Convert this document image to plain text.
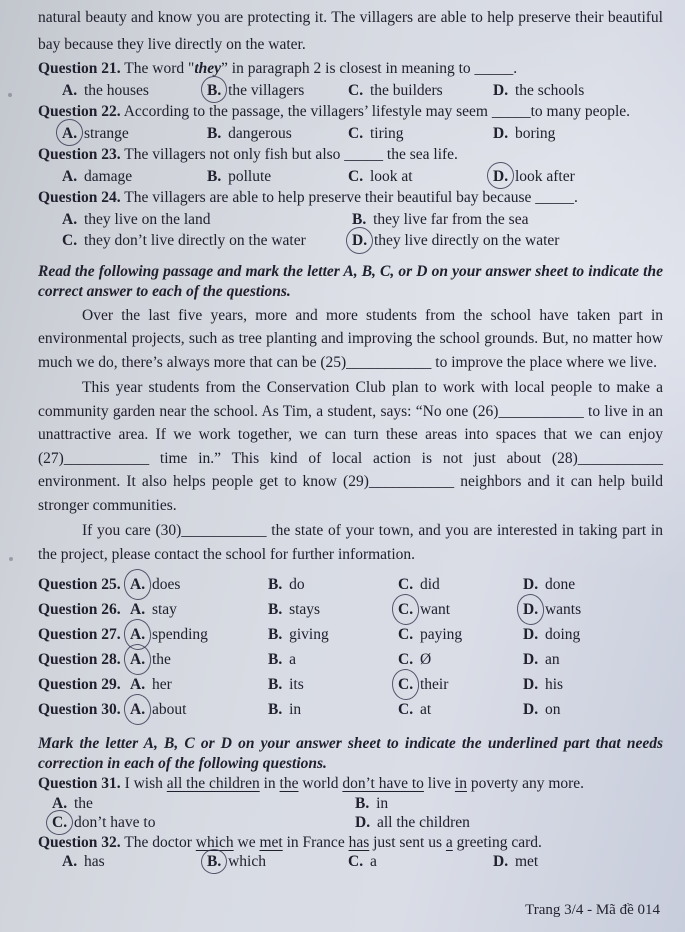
natural beauty and know you are protecting it. The villagers are able to help preserve their beautiful bay because they live directly on the water.

Question 21. The word "they” in paragraph 2 is closest in meaning to _____.
A. the houses	B. the villagers	C. the builders	D. the schools
Question 22. According to the passage, the villagers’ lifestyle may seem _____to many people.
A. strange	B. dangerous	C. tiring	D. boring
Question 23. The villagers not only fish but also _____ the sea life.
A. damage	B. pollute	C. look at	D. look after
Question 24. The villagers are able to help preserve their beautiful bay because _____.
A. they live on the land	B. they live far from the sea
C. they don’t live directly on the water	D. they live directly on the water

Read the following passage and mark the letter A, B, C, or D on your answer sheet to indicate the correct answer to each of the questions.

Over the last five years, more and more students from the school have taken part in environmental projects, such as tree planting and improving the school grounds. But, no matter how much we do, there’s always more that can be (25)___________ to improve the place where we live.

This year students from the Conservation Club plan to work with local people to make a community garden near the school. As Tim, a student, says: “No one (26)___________ to live in an unattractive area. If we work together, we can turn these areas into spaces that we can enjoy (27)___________ time in.” This kind of local action is not just about (28)___________ environment. It also helps people get to know (29)___________ neighbors and it can help build stronger communities.

If you care (30)___________ the state of your town, and you are interested in taking part in the project, please contact the school for further information.

Question 25. A. does	B. do	C. did	D. done
Question 26. A. stay	B. stays	C. want	D. wants
Question 27. A. spending	B. giving	C. paying	D. doing
Question 28. A. the	B. a	C. Ø	D. an
Question 29. A. her	B. its	C. their	D. his
Question 30. A. about	B. in	C. at	D. on

Mark the letter A, B, C or D on your answer sheet to indicate the underlined part that needs correction in each of the following questions.

Question 31. I wish all the children in the world don’t have to live in poverty any more.
A. the	B. in
C. don’t have to	D. all the children
Question 32. The doctor which we met in France has just sent us a greeting card.
A. has	B. which	C. a	D. met
Trang 3/4 - Mã đề 014
